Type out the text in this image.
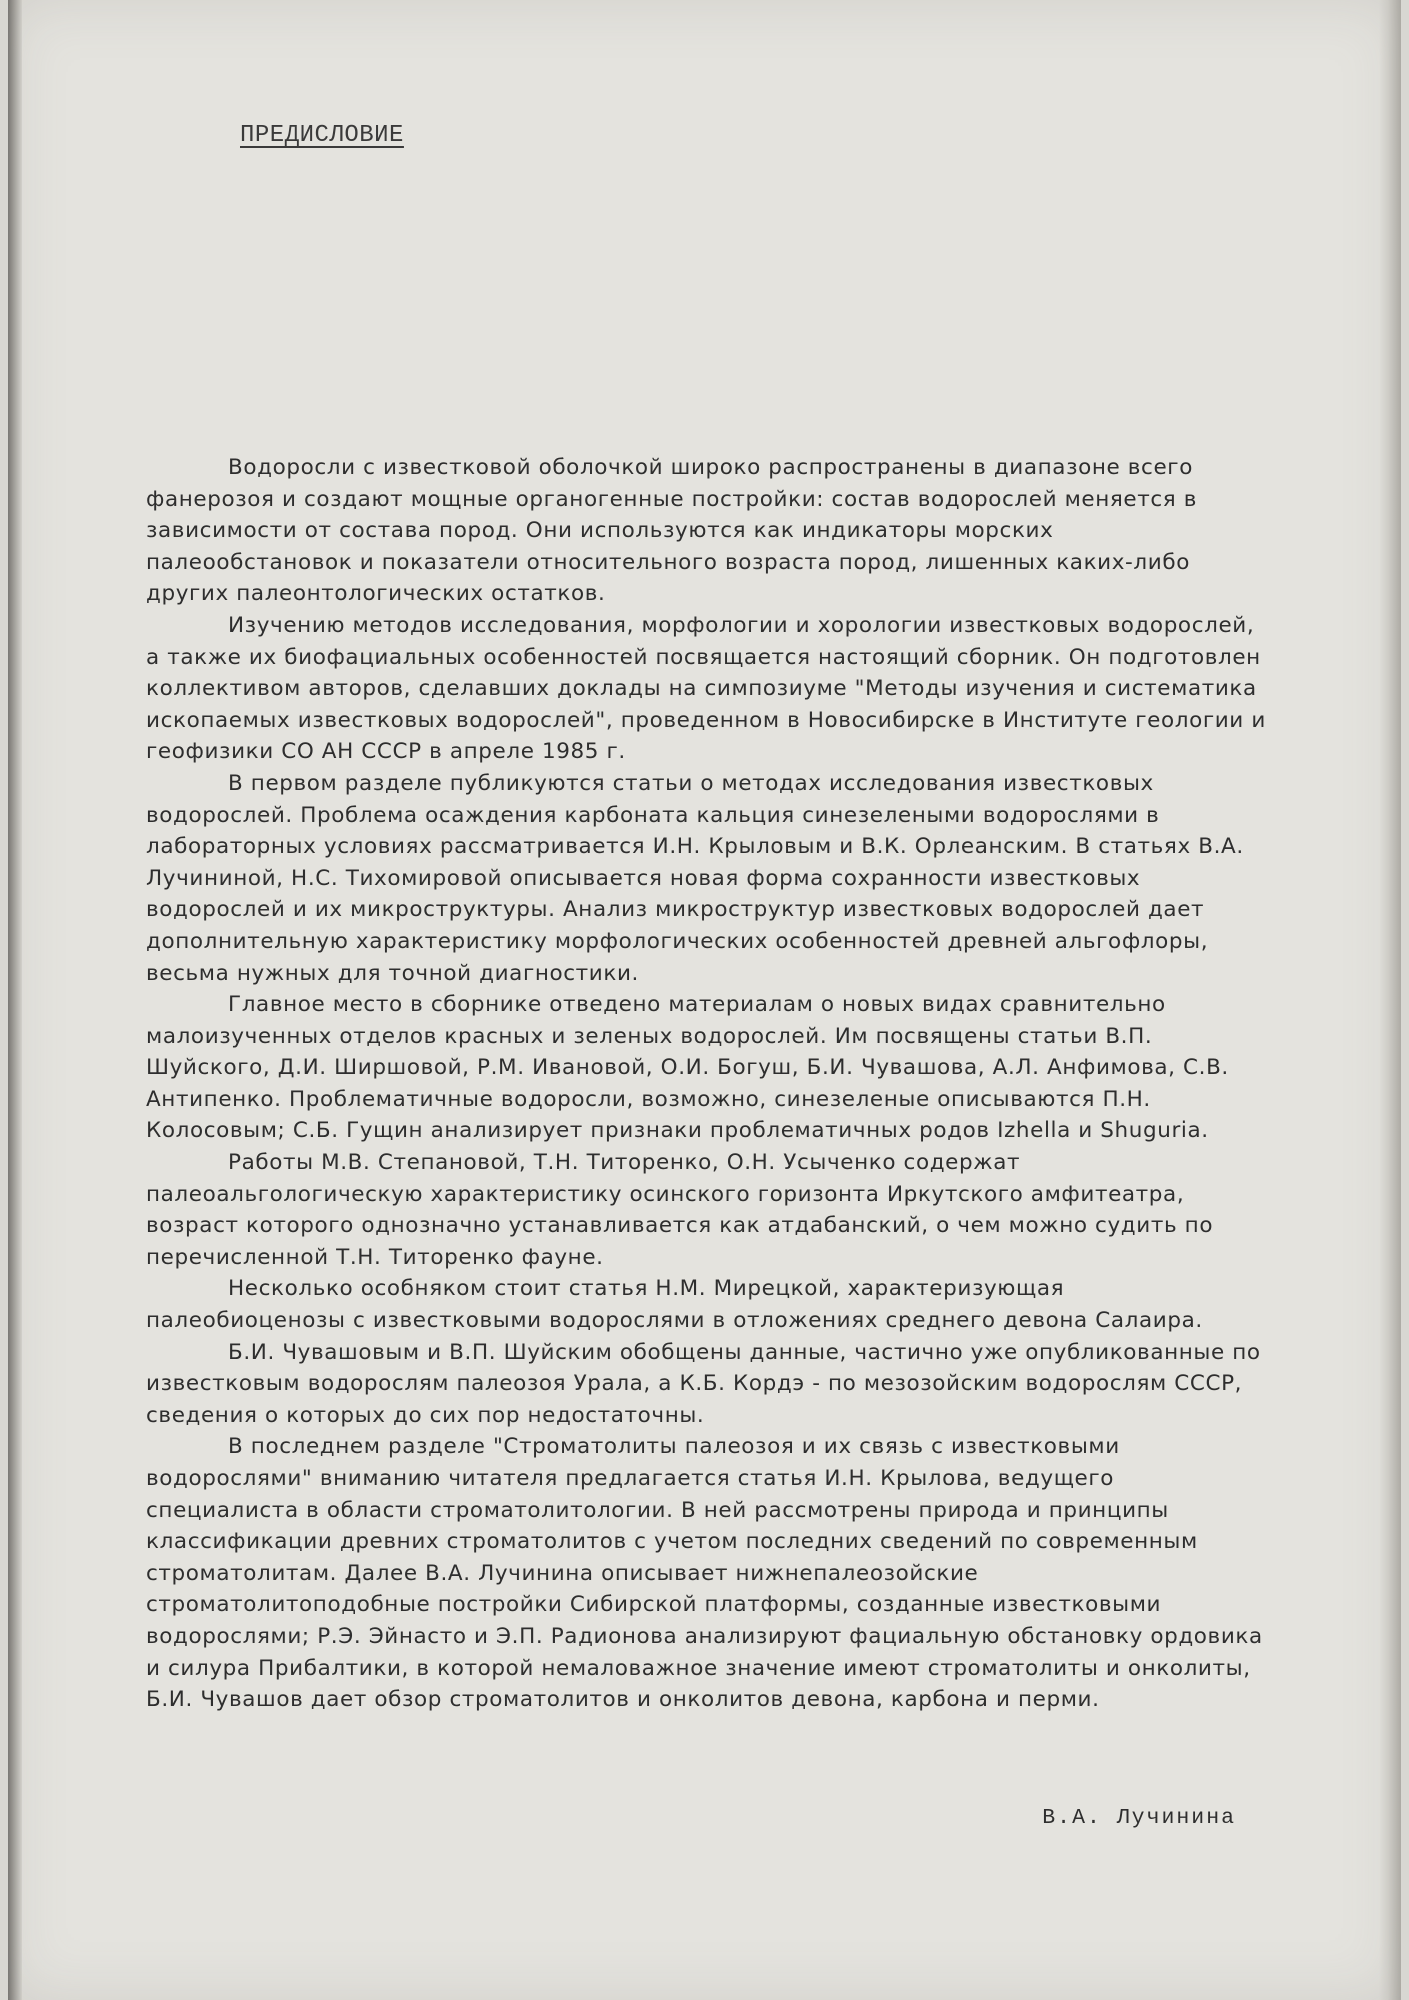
ПРЕДИСЛОВИЕ

Водоросли с известковой оболочкой широко распространены в диапазоне всего фанерозоя и создают мощные органогенные постройки: состав водорослей меняется в зависимости от состава пород. Они используются как индикаторы морских палеообстановок и показатели относительного возраста пород, лишенных каких-либо других палеонтологических остатков.

Изучению методов исследования, морфологии и хорологии известковых водорослей, а также их биофациальных особенностей посвящается настоящий сборник. Он подготовлен коллективом авторов, сделавших доклады на симпозиуме "Методы изучения и систематика ископаемых известковых водорослей", проведенном в Новосибирске в Институте геологии и геофизики СО АН СССР в апреле 1985 г.

В первом разделе публикуются статьи о методах исследования известковых водорослей. Проблема осаждения карбоната кальция синезелеными водорослями в лабораторных условиях рассматривается И.Н. Крыловым и В.К. Орлеанским. В статьях В.А. Лучининой, Н.С. Тихомировой описывается новая форма сохранности известковых водорослей и их микроструктуры. Анализ микроструктур известковых водорослей дает дополнительную характеристику морфологических особенностей древней альгофлоры, весьма нужных для точной диагностики.

Главное место в сборнике отведено материалам о новых видах сравнительно малоизученных отделов красных и зеленых водорослей. Им посвящены статьи В.П. Шуйского, Д.И. Ширшовой, Р.М. Ивановой, О.И. Богуш, Б.И. Чувашова, А.Л. Анфимова, С.В. Антипенко. Проблематичные водоросли, возможно, синезеленые описываются П.Н. Колосовым; С.Б. Гущин анализирует признаки проблематичных родов Izhella и Shuguria.

Работы М.В. Степановой, Т.Н. Титоренко, О.Н. Усыченко содержат палеоальгологическую характеристику осинского горизонта Иркутского амфитеатра, возраст которого однозначно устанавливается как атдабанский, о чем можно судить по перечисленной Т.Н. Титоренко фауне.

Несколько особняком стоит статья Н.М. Мирецкой, характеризующая палеобиоценозы с известковыми водорослями в отложениях среднего девона Салаира.

Б.И. Чувашовым и В.П. Шуйским обобщены данные, частично уже опубликованные по известковым водорослям палеозоя Урала, а К.Б. Кордэ - по мезозойским водорослям СССР, сведения о которых до сих пор недостаточны.

В последнем разделе "Строматолиты палеозоя и их связь с известковыми водорослями" вниманию читателя предлагается статья И.Н. Крылова, ведущего специалиста в области строматолитологии. В ней рассмотрены природа и принципы классификации древних строматолитов с учетом последних сведений по современным строматолитам. Далее В.А. Лучинина описывает нижнепалеозойские строматолитоподобные постройки Сибирской платформы, созданные известковыми водорослями; Р.Э. Эйнасто и Э.П. Радионова анализируют фациальную обстановку ордовика и силура Прибалтики, в которой немаловажное значение имеют строматолиты и онколиты, Б.И. Чувашов дает обзор строматолитов и онколитов девона, карбона и перми.

В.А. Лучинина
